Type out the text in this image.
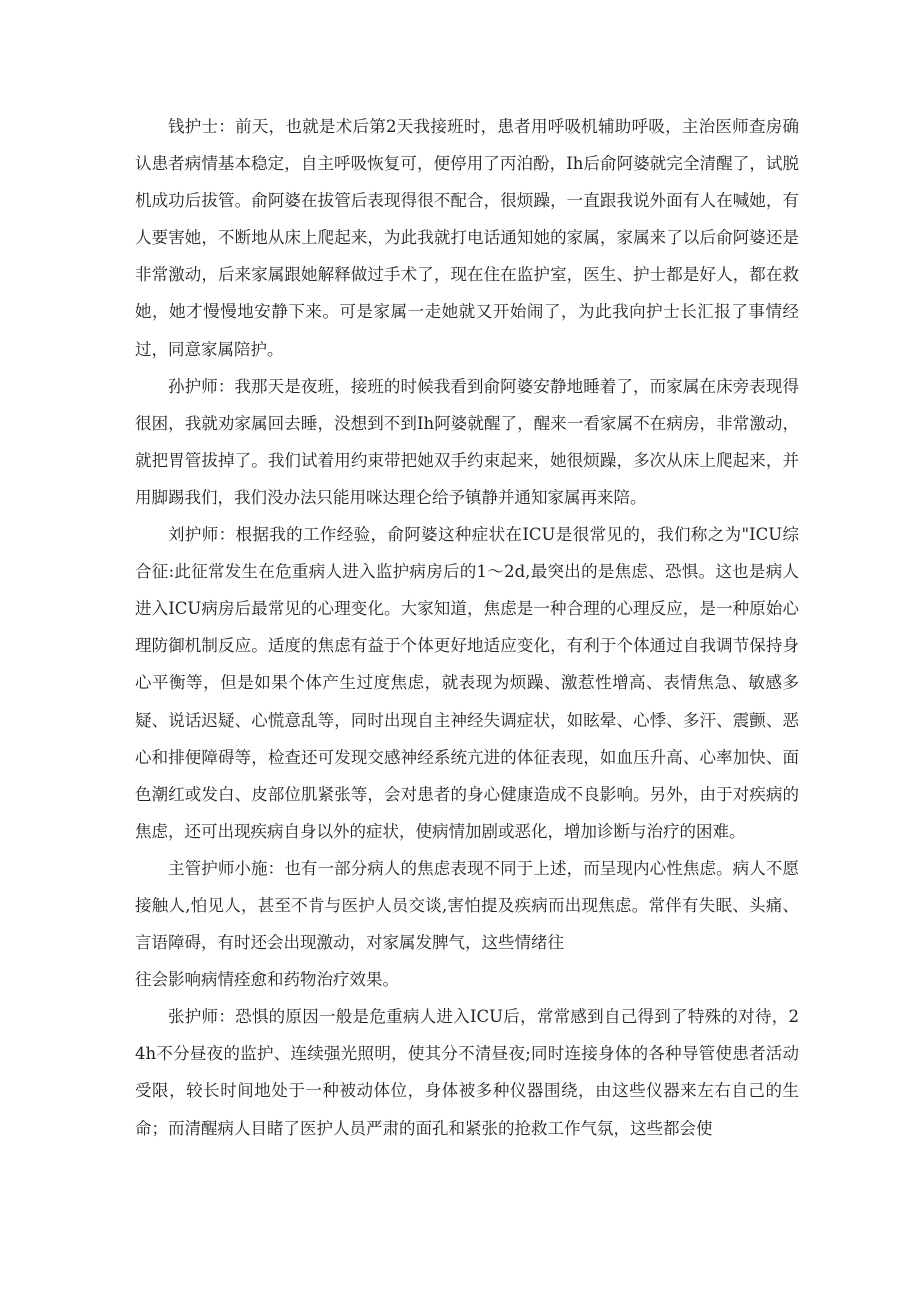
钱护士：前天，也就是术后第2天我接班时，患者用呼吸机辅助呼吸，主治医师查房确认患者病情基本稳定，自主呼吸恢复可，便停用了丙泊酚，Ih后俞阿婆就完全清醒了，试脱机成功后拔管。俞阿婆在拔管后表现得很不配合，很烦躁，一直跟我说外面有人在喊她，有人要害她，不断地从床上爬起来，为此我就打电话通知她的家属，家属来了以后俞阿婆还是非常激动，后来家属跟她解释做过手术了，现在住在监护室，医生、护士都是好人，都在救她，她才慢慢地安静下来。可是家属一走她就又开始闹了，为此我向护士长汇报了事情经过，同意家属陪护。

孙护师：我那天是夜班，接班的时候我看到俞阿婆安静地睡着了，而家属在床旁表现得很困，我就劝家属回去睡，没想到不到Ih阿婆就醒了，醒来一看家属不在病房，非常激动，就把胃管拔掉了。我们试着用约束带把她双手约束起来，她很烦躁，多次从床上爬起来，并用脚踢我们，我们没办法只能用咪达理仑给予镇静并通知家属再来陪。

刘护师：根据我的工作经验，俞阿婆这种症状在ICU是很常见的，我们称之为"ICU综合征:此征常发生在危重病人进入监护病房后的1～2d,最突出的是焦虑、恐惧。这也是病人进入ICU病房后最常见的心理变化。大家知道，焦虑是一种合理的心理反应，是一种原始心理防御机制反应。适度的焦虑有益于个体更好地适应变化，有利于个体通过自我调节保持身心平衡等，但是如果个体产生过度焦虑，就表现为烦躁、激惹性增高、表情焦急、敏感多疑、说话迟疑、心慌意乱等，同时出现自主神经失调症状，如眩晕、心悸、多汗、震颤、恶心和排便障碍等，检查还可发现交感神经系统亢进的体征表现，如血压升高、心率加快、面色潮红或发白、皮部位肌紧张等，会对患者的身心健康造成不良影响。另外，由于对疾病的焦虑，还可出现疾病自身以外的症状，使病情加剧或恶化，增加诊断与治疗的困难。

主管护师小施：也有一部分病人的焦虑表现不同于上述，而呈现内心性焦虑。病人不愿接触人,怕见人，甚至不肯与医护人员交谈,害怕提及疾病而出现焦虑。常伴有失眠、头痛、言语障碍，有时还会出现激动，对家属发脾气，这些情绪往

往会影响病情痊愈和药物治疗效果。

张护师：恐惧的原因一般是危重病人进入ICU后，常常感到自己得到了特殊的对待，24h不分昼夜的监护、连续强光照明，使其分不清昼夜;同时连接身体的各种导管使患者活动受限，较长时间地处于一种被动体位，身体被多种仪器围绕，由这些仪器来左右自己的生命；而清醒病人目睹了医护人员严肃的面孔和紧张的抢救工作气氛，这些都会使
